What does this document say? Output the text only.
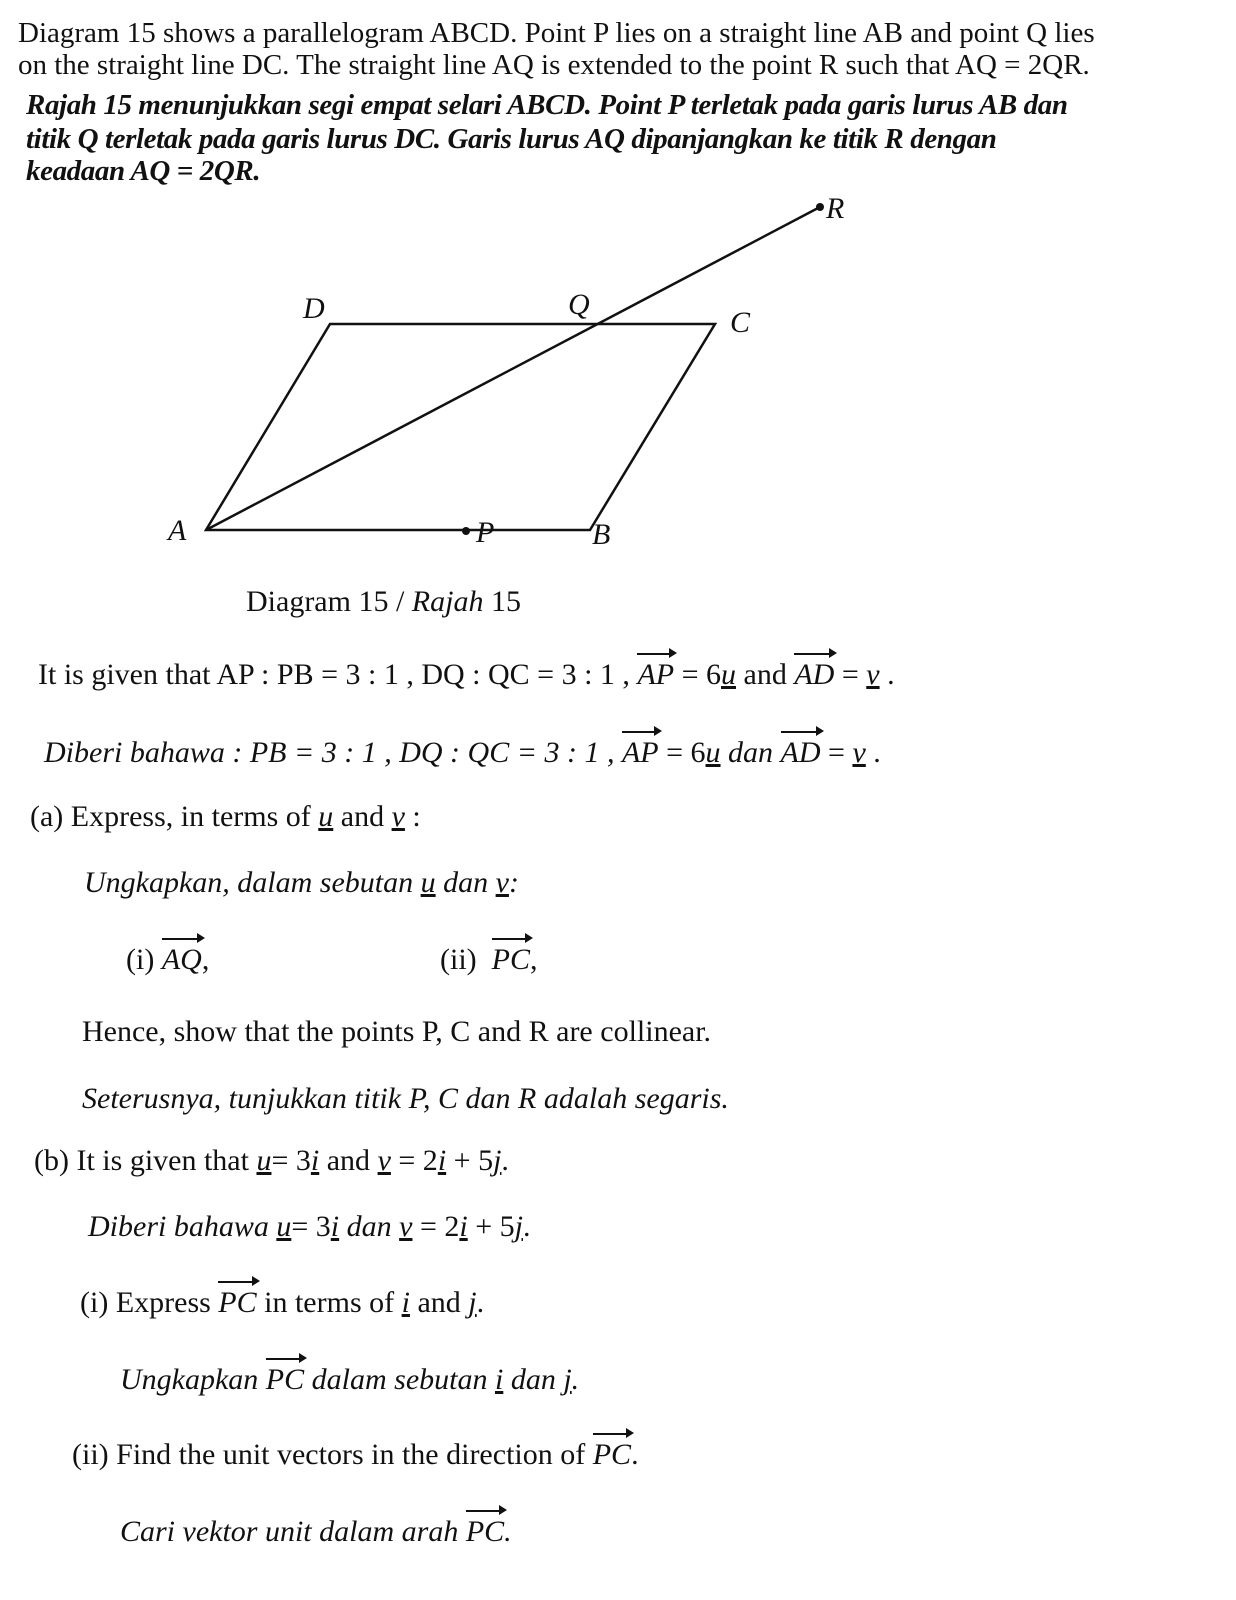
Diagram 15 shows a parallelogram ABCD. Point P lies on a straight line AB and point Q lies
on the straight line DC. The straight line AQ is extended to the point R such that AQ = 2QR.
Rajah 15 menunjukkan segi empat selari ABCD. Point P terletak pada garis lurus AB dan
titik Q terletak pada garis lurus DC. Garis lurus AQ dipanjangkan ke titik R dengan
keadaan AQ = 2QR.
A	B
C
D
P
Q
R
Diagram 15 / Rajah 15
It is given that AP : PB = 3 : 1 , DQ : QC = 3 : 1 , AP = 6u and AD = v .
Diberi bahawa : PB = 3 : 1 , DQ : QC = 3 : 1 , AP = 6u dan AD = v .
(a) Express, in terms of u and v :
Ungkapkan, dalam sebutan u dan v:
(i) AQ,	(ii) PC,
Hence, show that the points P, C and R are collinear.
Seterusnya, tunjukkan titik P, C dan R adalah segaris.
(b) It is given that u= 3i and v = 2i + 5j.
Diberi bahawa u= 3i dan v = 2i + 5j.
(i) Express PC in terms of i and j.
Ungkapkan PC dalam sebutan i dan j.
(ii) Find the unit vectors in the direction of PC.
Cari vektor unit dalam arah PC.
